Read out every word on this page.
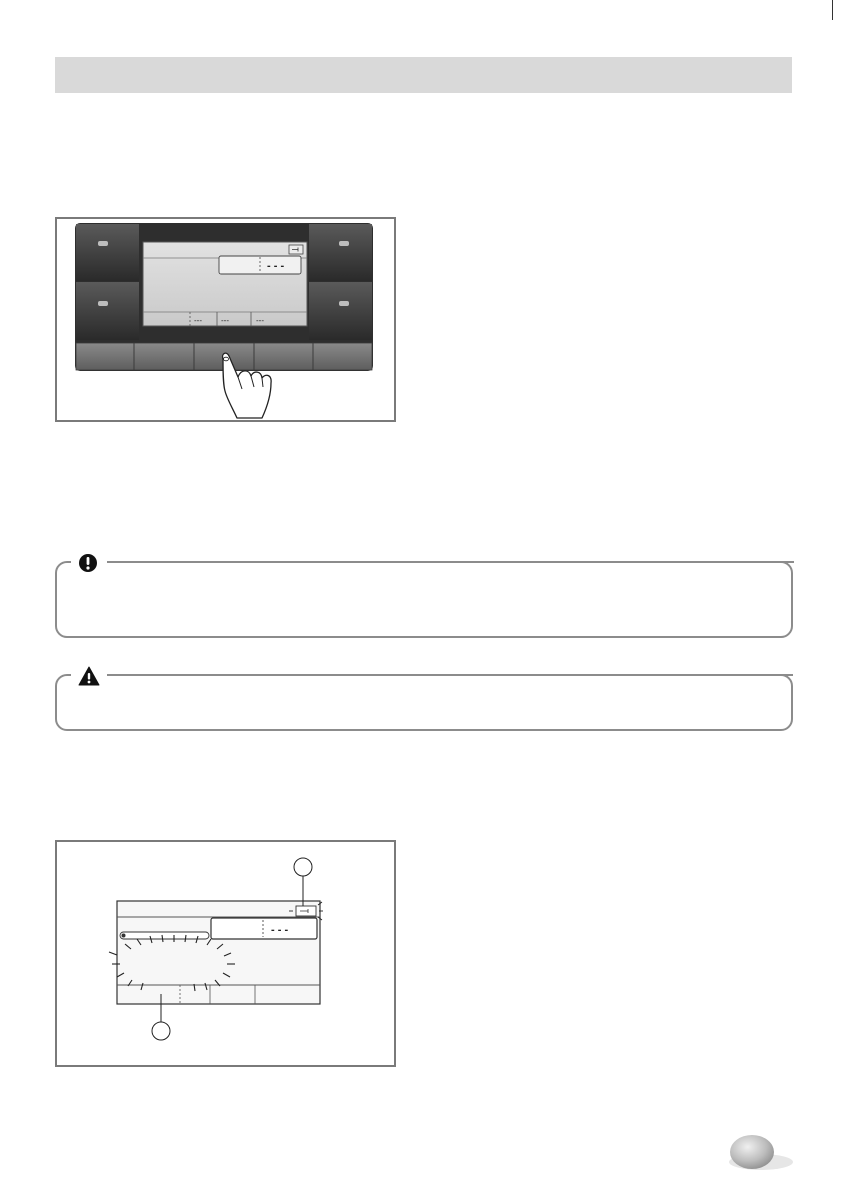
- - -
--- ---	---
- - -
